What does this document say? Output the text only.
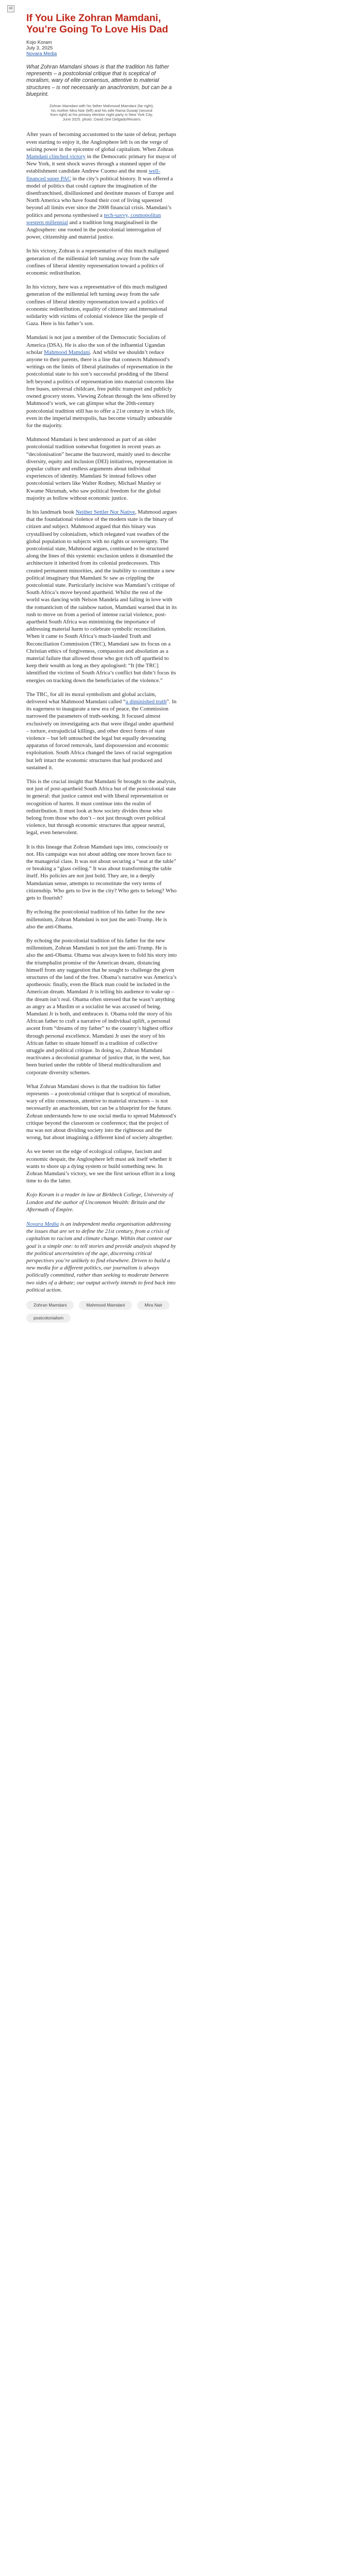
✉
If You Like Zohran Mamdani, You’re Going To Love His Dad
Kojo Koram
July 3, 2025
Novara Media
What Zohran Mamdani shows is that the tradition his father represents – a postcolonial critique that is sceptical of moralism, wary of elite consensus, attentive to material structures – is not necessarily an anachronism, but can be a blueprint.
Zohran Mamdani with his father Mahmood Mamdani (far right), his mother Mira Nair (left) and his wife Rama Duwaji (second from right) at his primary election night party in New York City, June 2025. photo: David Dee Delgado/Reuters

After years of becoming accustomed to the taste of defeat, perhaps even starting to enjoy it, the Anglosphere left is on the verge of seizing power in the epicentre of global capitalism. When Zohran Mamdani clinched victory in the Democratic primary for mayor of New York, it sent shock waves through a stunned upper of the establishment candidate Andrew Cuomo and the most well-financed super PAC in the city’s political history. It was offered a model of politics that could capture the imagination of the disenfranchised, disillusioned and destitute masses of Europe and North America who have found their cost of living squeezed beyond all limits ever since the 2008 financial crisis. Mamdani’s politics and persona synthesised a tech-savvy, cosmopolitan western millennial and a tradition long marginalised in the Anglosphere: one rooted in the postcolonial interrogation of power, citizenship and material justice.

In his victory, Zohran is a representative of this much maligned generation of the millennial left turning away from the safe confines of liberal identity representation toward a politics of economic redistribution.

In his victory, here was a representative of this much maligned generation of the millennial left turning away from the safe confines of liberal identity representation toward a politics of economic redistribution, equality of citizenry and international solidarity with victims of colonial violence like the people of Gaza. Here is his father’s son.

Mamdani is not just a member of the Democratic Socialists of America (DSA). He is also the son of the influential Ugandan scholar Mahmood Mamdani. And whilst we shouldn’t reduce anyone to their parents, there is a line that connects Mahmood’s writings on the limits of liberal platitudes of representation in the postcolonial state to his son’s successful prodding of the liberal left beyond a politics of representation into material concerns like free buses, universal childcare, free public transport and publicly owned grocery stores. Viewing Zohran through the lens offered by Mahmood’s work, we can glimpse what the 20th-century postcolonial tradition still has to offer a 21st century in which life, even in the imperial metropolis, has become virtually unbearable for the majority.

Mahmood Mamdani is best understood as part of an older postcolonial tradition somewhat forgotten in recent years as “decolonisation” became the buzzword, mainly used to describe diversity, equity and inclusion (DEI) initiatives, representation in popular culture and endless arguments about individual experiences of identity. Mamdani Sr instead follows other postcolonial writers like Walter Rodney, Michael Manley or Kwame Nkrumah, who saw political freedom for the global majority as hollow without economic justice.

In his landmark book Neither Settler Nor Native, Mahmood argues that the foundational violence of the modern state is the binary of citizen and subject. Mahmood argued that this binary was crystallised by colonialism, which relegated vast swathes of the global population to subjects with no rights or sovereignty. The postcolonial state, Mahmood argues, continued to be structured along the lines of this systemic exclusion unless it dismantled the architecture it inherited from its colonial predecessors. This created permanent minorities, and the inability to constitute a new political imaginary that Mamdani Sr saw as crippling the postcolonial state. Particularly incisive was Mamdani’s critique of South Africa’s move beyond apartheid. Whilst the rest of the world was dancing with Nelson Mandela and falling in love with the romanticism of the rainbow nation, Mamdani warned that in its rush to move on from a period of intense racial violence, post-apartheid South Africa was minimising the importance of addressing material harm to celebrate symbolic reconciliation. When it came to South Africa’s much-lauded Truth and Reconciliation Commission (TRC), Mamdani saw its focus on a Christian ethics of forgiveness, compassion and absolution as a material failure that allowed those who got rich off apartheid to keep their wealth as long as they apologised: “It [the TRC] identified the victims of South Africa’s conflict but didn’t focus its energies on tracking down the beneficiaries of the violence.”

The TRC, for all its moral symbolism and global acclaim, delivered what Mahmood Mamdani called “a diminished truth”. In its eagerness to inaugurate a new era of peace, the Commission narrowed the parameters of truth-seeking. It focused almost exclusively on investigating acts that were illegal under apartheid – torture, extrajudicial killings, and other direct forms of state violence – but left untouched the legal but equally devastating apparatus of forced removals, land dispossession and economic exploitation. South Africa changed the laws of racial segregation but left intact the economic structures that had produced and sustained it.

This is the crucial insight that Mamdani Sr brought to the analysis, not just of post-apartheid South Africa but of the postcolonial state in general: that justice cannot end with liberal representation or recognition of harms. It must continue into the realm of redistribution. It must look at how society divides those who belong from those who don’t – not just through overt political violence, but through economic structures that appear neutral, legal, even benevolent.

It is this lineage that Zohran Mamdani taps into, consciously or not. His campaign was not about adding one more brown face to the managerial class. It was not about securing a “seat at the table” or breaking a “glass ceiling.” It was about transforming the table itself. His policies are not just bold. They are, in a deeply Mamdanian sense, attempts to reconstitute the very terms of citizenship. Who gets to live in the city? Who gets to belong? Who gets to flourish?

By echoing the postcolonial tradition of his father for the new millennium, Zohran Mamdani is not just the anti-Trump. He is also the anti-Obama.

By echoing the postcolonial tradition of his father for the new millennium, Zohran Mamdani is not just the anti-Trump. He is also the anti-Obama. Obama was always keen to fold his story into the triumphalist promise of the American dream, distancing himself from any suggestion that he sought to challenge the given structures of the land of the free. Obama’s narrative was America’s apotheosis: finally, even the Black man could be included in the American dream. Mamdani Jr is telling his audience to wake up – the dream isn’t real. Obama often stressed that he wasn’t anything as angry as a Muslim or a socialist he was accused of being. Mamdani Jr is both, and embraces it. Obama told the story of his African father to craft a narrative of individual uplift, a personal ascent from “dreams of my father” to the country’s highest office through personal excellence. Mamdani Jr uses the story of his African father to situate himself in a tradition of collective struggle and political critique. In doing so, Zohran Mamdani reactivates a decolonial grammar of justice that, in the west, has been buried under the rubble of liberal multiculturalism and corporate diversity schemes.

What Zohran Mamdani shows is that the tradition his father represents – a postcolonial critique that is sceptical of moralism, wary of elite consensus, attentive to material structures – is not necessarily an anachronism, but can be a blueprint for the future. Zohran understands how to use social media to spread Mahmood’s critique beyond the classroom or conference; that the project of ma was not about dividing society into the righteous and the wrong, but about imagining a different kind of society altogether.

As we teeter on the edge of ecological collapse, fascism and economic despair, the Anglosphere left must ask itself whether it wants to shore up a dying system or build something new. In Zohran Mamdani’s victory, we see the first serious effort in a long time to do the latter.

Kojo Koram is a reader in law at Birkbeck College, University of London and the author of Uncommon Wealth: Britain and the Aftermath of Empire.

Novara Media is an independent media organisation addressing the issues that are set to define the 21st century, from a crisis of capitalism to racism and climate change. Within that context our goal is a simple one: to tell stories and provide analysis shaped by the political uncertainties of the age, discerning critical perspectives you’re unlikely to find elsewhere. Driven to build a new media for a different politics, our journalism is always politically committed, rather than seeking to moderate between two sides of a debate; our output actively intends to feed back into political action.

Zohran Mamdani	Mahmood Mamdani	Mira Nair
postcolonialism
